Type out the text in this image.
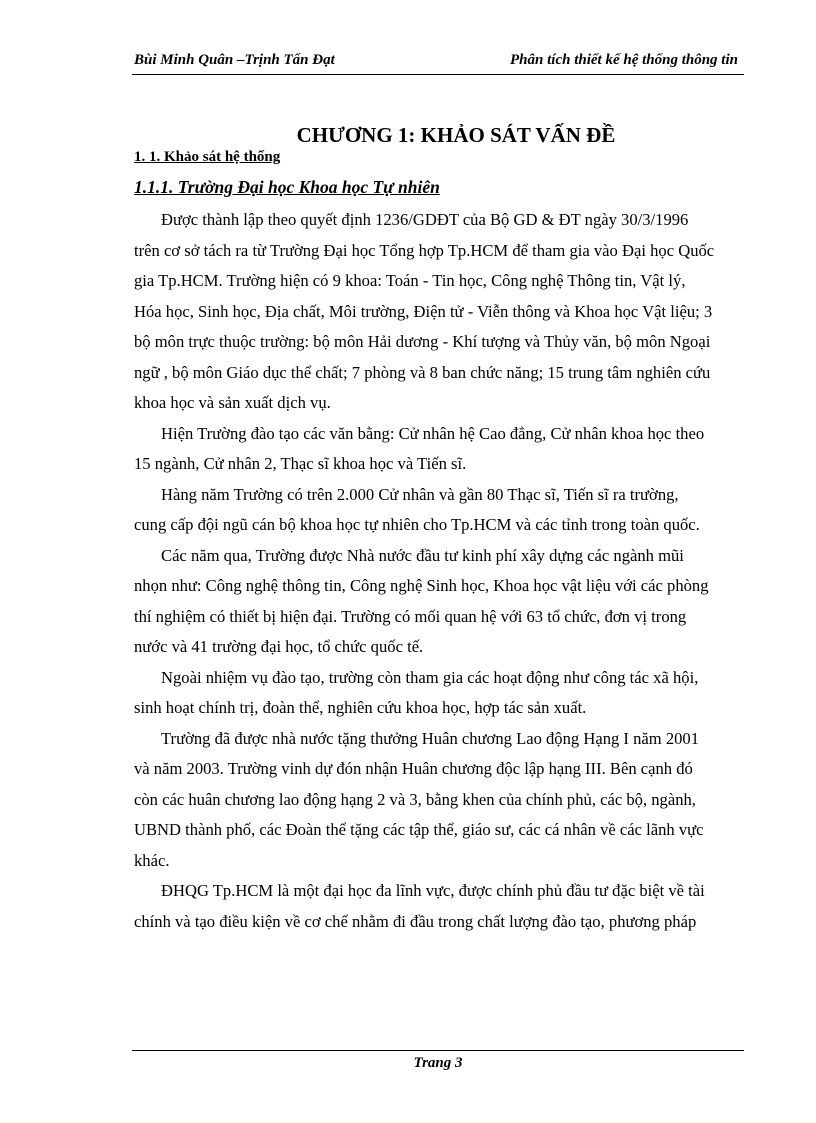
Bùi Minh Quân –Trịnh Tấn Đạt	Phân tích thiết kế hệ thống thông tin
CHƯƠNG 1: KHẢO SÁT VẤN ĐỀ
1. 1. Khảo sát hệ thống
1.1.1. Trường Đại học Khoa học Tự nhiên

Được thành lập theo quyết định 1236/GDĐT của Bộ GD & ĐT ngày 30/3/1996
trên cơ sở tách ra từ Trường Đại học Tổng hợp Tp.HCM để tham gia vào Đại học Quốc
gia Tp.HCM. Trường hiện có 9 khoa: Toán - Tin học, Công nghệ Thông tin, Vật lý,
Hóa học, Sinh học, Địa chất, Môi trường, Điện tử - Viễn thông và Khoa học Vật liệu; 3
bộ môn trực thuộc trường: bộ môn Hải dương - Khí tượng và Thủy văn, bộ môn Ngoại
ngữ , bộ môn Giáo dục thể chất; 7 phòng và 8 ban chức năng; 15 trung tâm nghiên cứu
khoa học và sản xuất dịch vụ.

Hiện Trường đào tạo các văn bằng: Cử nhân hệ Cao đẳng, Cử nhân khoa học theo
15 ngành, Cử nhân 2, Thạc sĩ khoa học và Tiến sĩ.

Hàng năm Trường có trên 2.000 Cử nhân và gần 80 Thạc sĩ, Tiến sĩ ra trường,
cung cấp đội ngũ cán bộ khoa học tự nhiên cho Tp.HCM và các tỉnh trong toàn quốc.

Các năm qua, Trường được Nhà nước đầu tư kinh phí xây dựng các ngành mũi
nhọn như: Công nghệ thông tin, Công nghệ Sinh học, Khoa học vật liệu với các phòng
thí nghiệm có thiết bị hiện đại. Trường có mối quan hệ với 63 tổ chức, đơn vị trong
nước và 41 trường đại học, tổ chức quốc tế.

Ngoài nhiệm vụ đào tạo, trường còn tham gia các hoạt động như công tác xã hội,
sinh hoạt chính trị, đoàn thể, nghiên cứu khoa học, hợp tác sản xuất.

Trường đã được nhà nước tặng thưởng Huân chương Lao động Hạng I năm 2001
và năm 2003. Trường vinh dự đón nhận Huân chương độc lập hạng III. Bên cạnh đó
còn các huân chương lao động hạng 2 và 3, bằng khen của chính phủ, các bộ, ngành,
UBND thành phố, các Đoàn thể tặng các tập thể, giáo sư, các cá nhân về các lãnh vực
khác.

ĐHQG Tp.HCM là một đại học đa lĩnh vực, được chính phủ đầu tư đặc biệt về tài
chính và tạo điều kiện về cơ chế nhằm đi đầu trong chất lượng đào tạo, phương pháp

Trang 3
